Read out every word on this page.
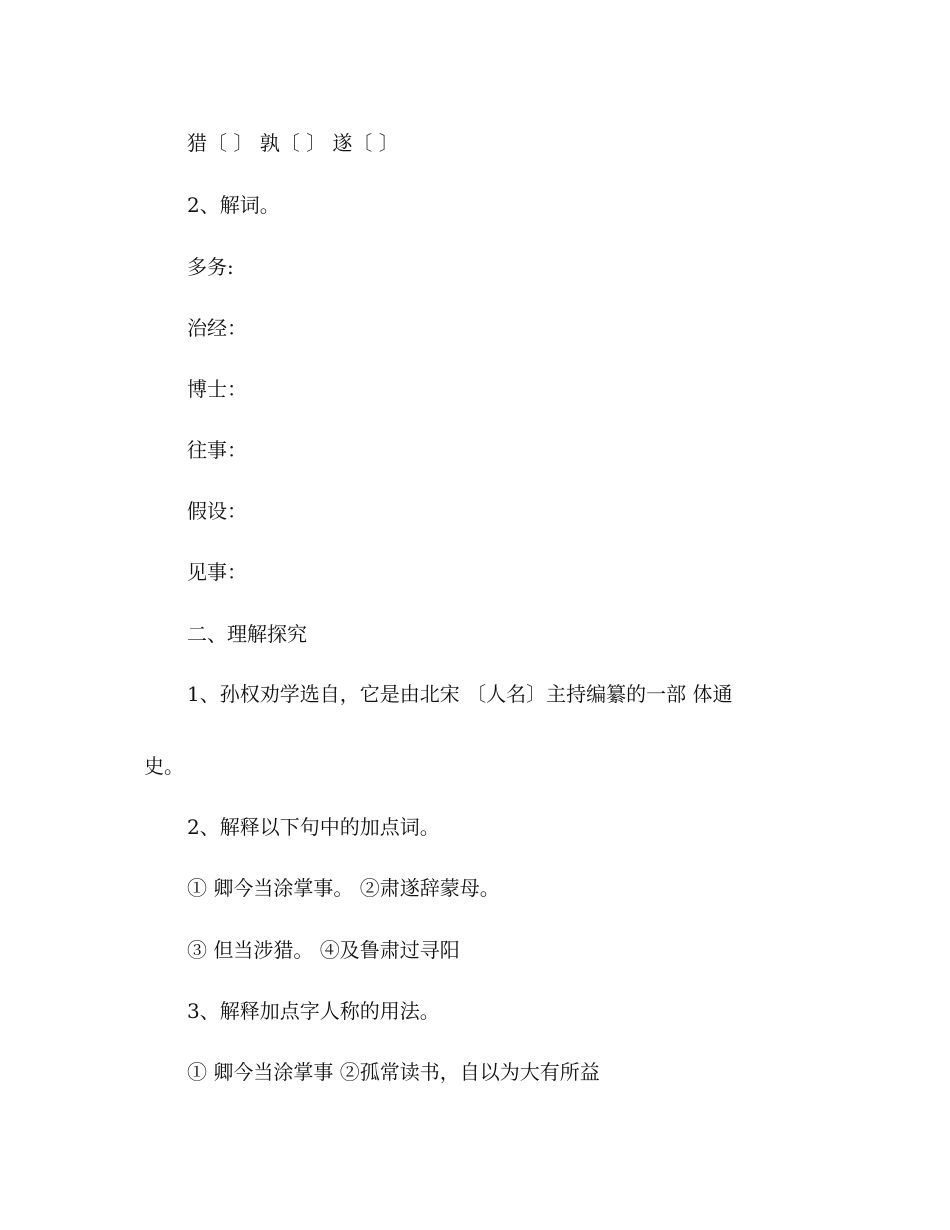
猎〔 〕 孰〔 〕 遂〔 〕
2、解词。
多务:
治经：
博士：
往事：
假设：
见事：
二、理解探究
1、孙权劝学选自，它是由北宋 〔人名〕主持编纂的一部 体通
史。
2、解释以下句中的加点词。
① 卿今当涂掌事。 ②肃遂辞蒙母。
③ 但当涉猎。 ④及鲁肃过寻阳
3、解释加点字人称的用法。
① 卿今当涂掌事 ②孤常读书，自以为大有所益
